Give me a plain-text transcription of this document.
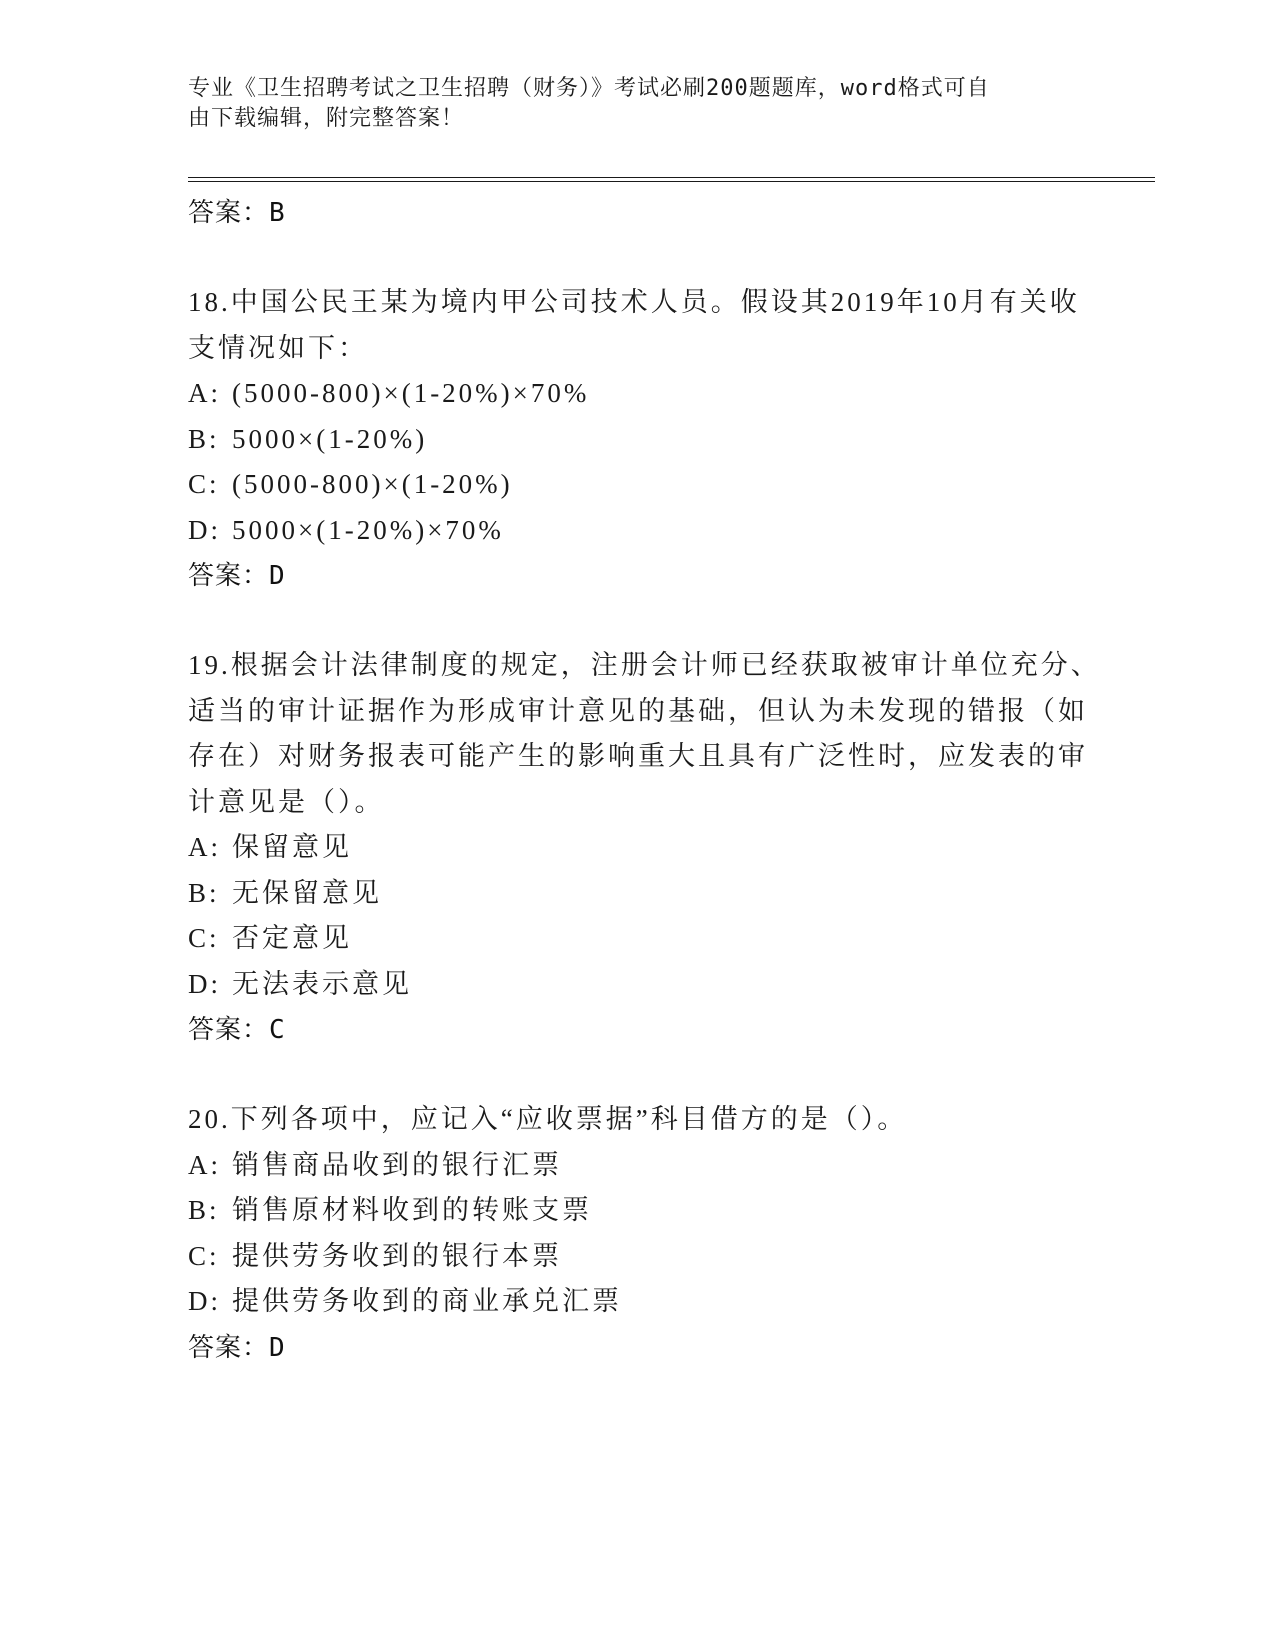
专业《卫生招聘考试之卫生招聘（财务）》考试必刷200题题库，word格式可自
由下载编辑，附完整答案！
答案：B
18.中国公民王某为境内甲公司技术人员。假设其2019年10月有关收
支情况如下：
A: (5000-800)×(1-20%)×70%
B: 5000×(1-20%)
C: (5000-800)×(1-20%)
D: 5000×(1-20%)×70%
答案：D
19.根据会计法律制度的规定，注册会计师已经获取被审计单位充分、
适当的审计证据作为形成审计意见的基础，但认为未发现的错报（如
存在）对财务报表可能产生的影响重大且具有广泛性时，应发表的审
计意见是（）。
A: 保留意见
B: 无保留意见
C: 否定意见
D: 无法表示意见
答案：C
20.下列各项中，应记入“应收票据”科目借方的是（）。
A: 销售商品收到的银行汇票
B: 销售原材料收到的转账支票
C: 提供劳务收到的银行本票
D: 提供劳务收到的商业承兑汇票
答案：D
